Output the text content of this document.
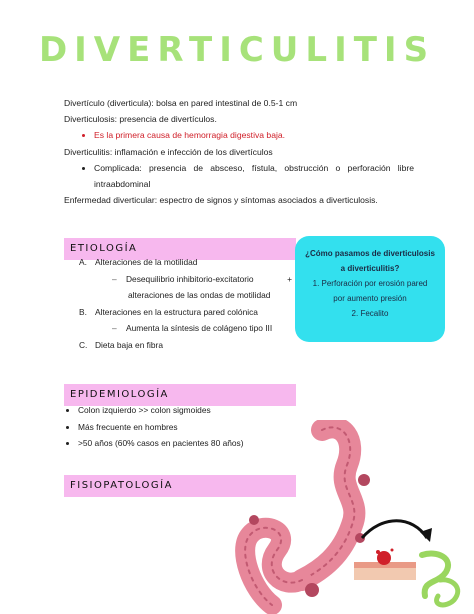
DIVERTICULITIS

Divertículo (diverticula): bolsa en pared intestinal de 0.5-1 cm

Diverticulosis: presencia de divertículos.

• Es la primera causa de hemorragia digestiva baja.

Diverticulitis: inflamación e infección de los divertículos

• Complicada: presencia de absceso, fístula, obstrucción o perforación libre intraabdominal

Enfermedad diverticular: espectro de signos y síntomas asociados a diverticulosis.

ETIOLOGÍA
A. Alteraciones de la motilidad
– Desequilibrio inhibitorio-excitatorio	+
alteraciones de las ondas de motilidad
B. Alteraciones en la estructura pared colónica
– Aumenta la síntesis de colágeno tipo III
C. Dieta baja en fibra
¿Cómo pasamos de diverticulosis
a diverticulitis?
1. Perforación por erosión pared
por aumento presión
2. Fecalito
EPIDEMIOLOGÍA
• Colon izquierdo >> colon sigmoides
• Más frecuente en hombres
• >50 años (60% casos en pacientes 80 años)
FISIOPATOLOGÍA
